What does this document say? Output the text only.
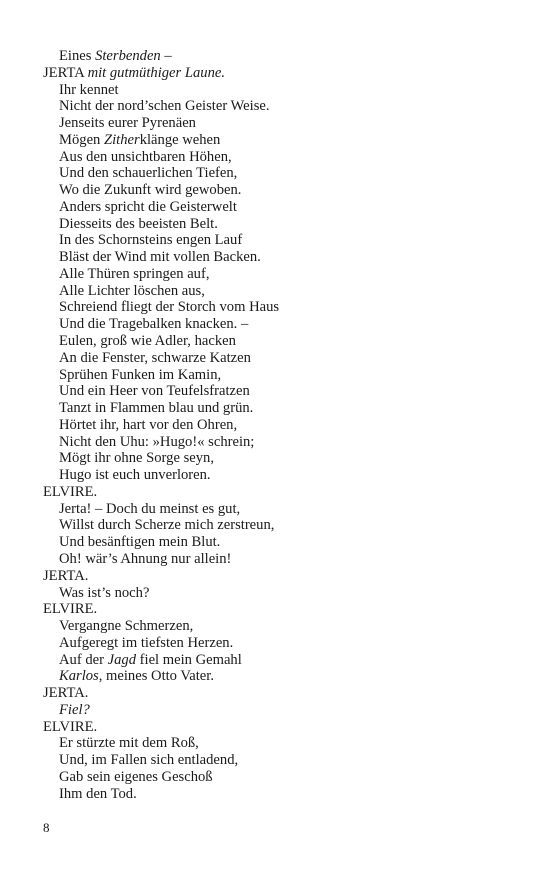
Eines Sterbenden –
JERTA mit gutmüthiger Laune.
Ihr kennet
Nicht der nord’schen Geister Weise.
Jenseits eurer Pyrenäen
Mögen Zitherklänge wehen
Aus den unsichtbaren Höhen,
Und den schauerlichen Tiefen,
Wo die Zukunft wird gewoben.
Anders spricht die Geisterwelt
Diesseits des beeisten Belt.
In des Schornsteins engen Lauf
Bläst der Wind mit vollen Backen.
Alle Thüren springen auf,
Alle Lichter löschen aus,
Schreiend fliegt der Storch vom Haus
Und die Tragebalken knacken. –
Eulen, groß wie Adler, hacken
An die Fenster, schwarze Katzen
Sprühen Funken im Kamin,
Und ein Heer von Teufelsfratzen
Tanzt in Flammen blau und grün.
Hörtet ihr, hart vor den Ohren,
Nicht den Uhu: »Hugo!« schrein;
Mögt ihr ohne Sorge seyn,
Hugo ist euch unverloren.
ELVIRE.
Jerta! – Doch du meinst es gut,
Willst durch Scherze mich zerstreun,
Und besänftigen mein Blut.
Oh! wär’s Ahnung nur allein!
JERTA.
Was ist’s noch?
ELVIRE.
Vergangne Schmerzen,
Aufgeregt im tiefsten Herzen.
Auf der Jagd fiel mein Gemahl
Karlos, meines Otto Vater.
JERTA.
Fiel?
ELVIRE.
Er stürzte mit dem Roß,
Und, im Fallen sich entladend,
Gab sein eigenes Geschoß
Ihm den Tod.
8
